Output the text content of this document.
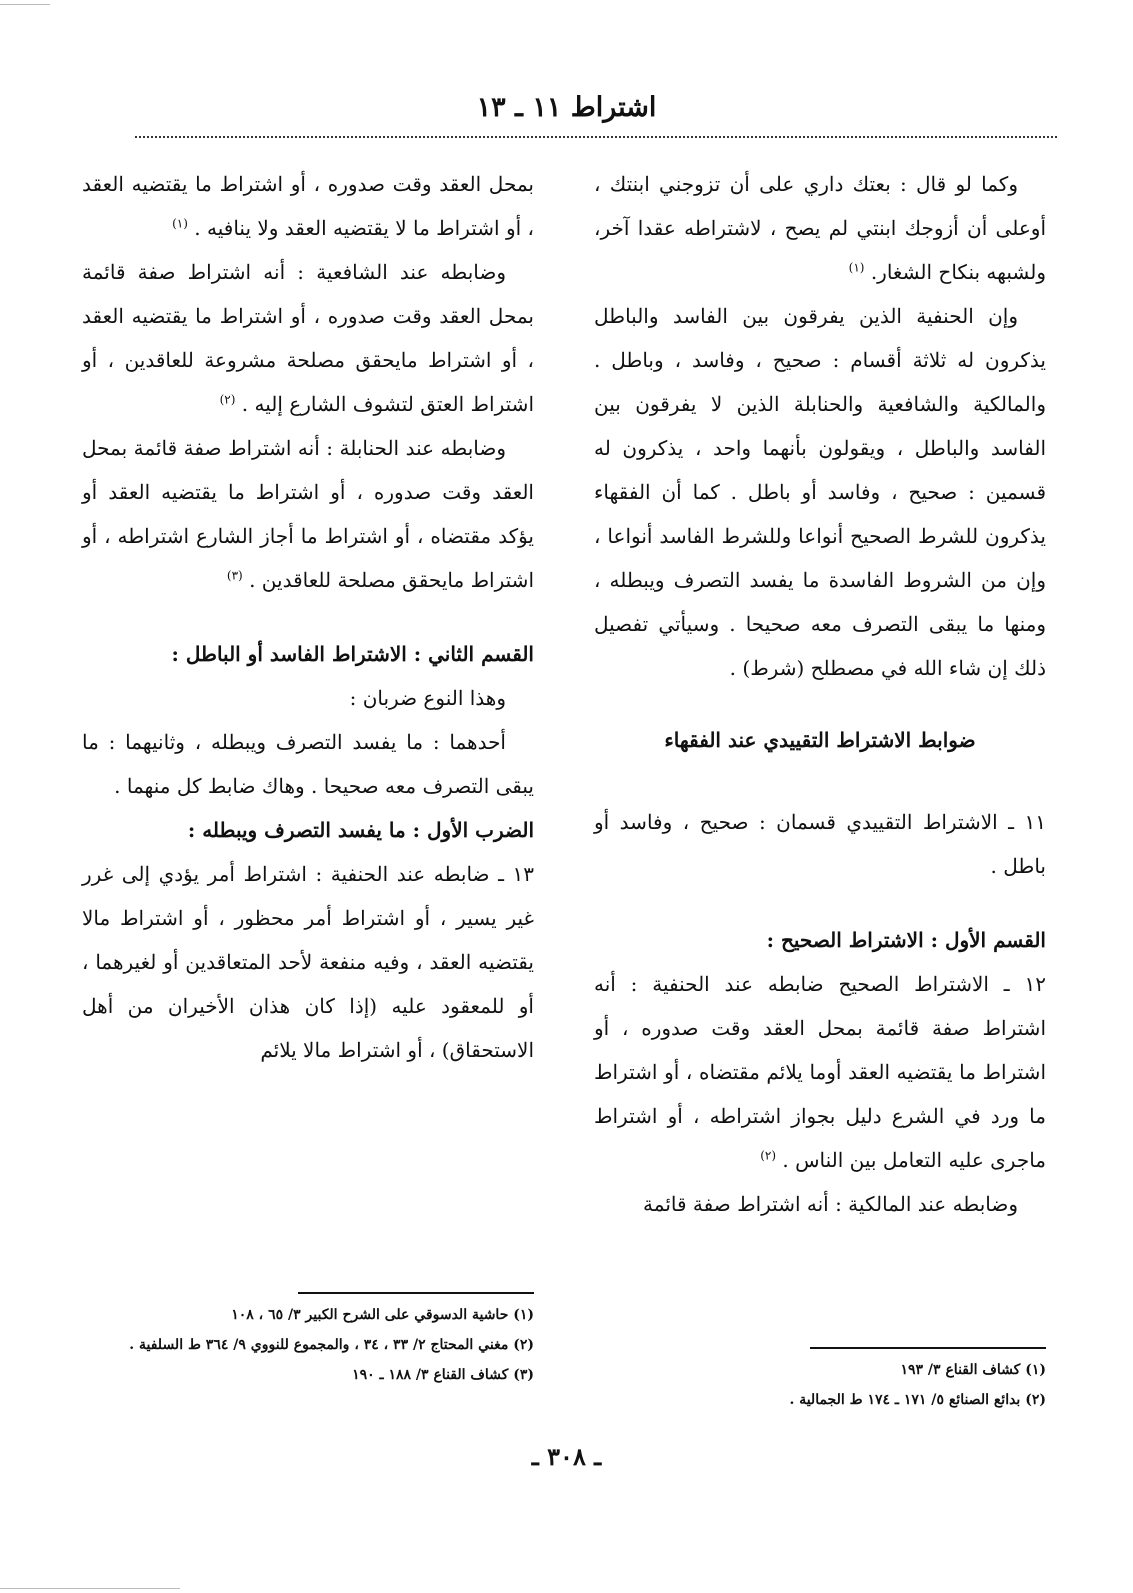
اشتراط ١١ ـ ١٣

وكما لو قال : بعتك داري على أن تزوجني ابنتك ، أوعلى أن أزوجك ابنتي لم يصح ، لاشتراطه عقدا آخر، ولشبهه بنكاح الشغار. $^{(١)}$

وإن الحنفية الذين يفرقون بين الفاسد والباطل يذكرون له ثلاثة أقسام : صحيح ، وفاسد ، وباطل . والمالكية والشافعية والحنابلة الذين لا يفرقون بين الفاسد والباطل ، ويقولون بأنهما واحد ، يذكرون له قسمين : صحيح ، وفاسد أو باطل . كما أن الفقهاء يذكرون للشرط الصحيح أنواعا وللشرط الفاسد أنواعا ، وإن من الشروط الفاسدة ما يفسد التصرف ويبطله ، ومنها ما يبقى التصرف معه صحيحا . وسيأتي تفصيل ذلك إن شاء الله في مصطلح (شرط) .

ضوابط الاشتراط التقييدي عند الفقهاء

١١ ـ الاشتراط التقييدي قسمان : صحيح ، وفاسد أو باطل .

القسم الأول : الاشتراط الصحيح :

١٢ ـ الاشتراط الصحيح ضابطه عند الحنفية : أنه اشتراط صفة قائمة بمحل العقد وقت صدوره ، أو اشتراط ما يقتضيه العقد أوما يلائم مقتضاه ، أو اشتراط ما ورد في الشرع دليل بجواز اشتراطه ، أو اشتراط ماجرى عليه التعامل بين الناس . $^{(٢)}$

وضابطه عند المالكية : أنه اشتراط صفة قائمة

بمحل العقد وقت صدوره ، أو اشتراط ما يقتضيه العقد ، أو اشتراط ما لا يقتضيه العقد ولا ينافيه . $^{(١)}$

وضابطه عند الشافعية : أنه اشتراط صفة قائمة بمحل العقد وقت صدوره ، أو اشتراط ما يقتضيه العقد ، أو اشتراط مايحقق مصلحة مشروعة للعاقدين ، أو اشتراط العتق لتشوف الشارع إليه . $^{(٢)}$

وضابطه عند الحنابلة : أنه اشتراط صفة قائمة بمحل العقد وقت صدوره ، أو اشتراط ما يقتضيه العقد أو يؤكد مقتضاه ، أو اشتراط ما أجاز الشارع اشتراطه ، أو اشتراط مايحقق مصلحة للعاقدين . $^{(٣)}$

القسم الثاني : الاشتراط الفاسد أو الباطل :

وهذا النوع ضربان :

أحدهما : ما يفسد التصرف ويبطله ، وثانيهما : ما يبقى التصرف معه صحيحا . وهاك ضابط كل منهما .

الضرب الأول : ما يفسد التصرف ويبطله :

١٣ ـ ضابطه عند الحنفية : اشتراط أمر يؤدي إلى غرر غير يسير ، أو اشتراط أمر محظور ، أو اشتراط مالا يقتضيه العقد ، وفيه منفعة لأحد المتعاقدين أو لغيرهما ، أو للمعقود عليه (إذا كان هذان الأخيران من أهل الاستحقاق) ، أو اشتراط مالا يلائم

(١) كشاف القناع ٣/ ١٩٣
(٢) بدائع الصنائع ٥/ ١٧١ ـ ١٧٤ ط الجمالية .
(١) حاشية الدسوقي على الشرح الكبير ٣/ ٦٥ ، ١٠٨
(٢) مغني المحتاج ٢/ ٣٣ ، ٣٤ ، والمجموع للنووي ٩/ ٣٦٤ ط السلفية .
(٣) كشاف القناع ٣/ ١٨٨ ـ ١٩٠
ـ ٣٠٨ ـ
